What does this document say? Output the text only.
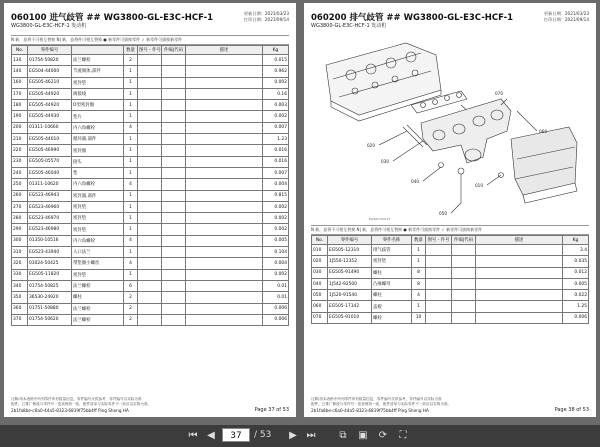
060100 进气歧管 ## WG3800-GL-E3C-HCF-1
WG3800-GL-E3C-HCF-1 发动机
更新日期：2021/03/23
打印日期：2021/09/14
N 新，意将不可相互替换 N| 新，意将件可相互替换 ● 新零件可拔换零件 ✓ 新零件可拔换新零件
No.	零件编号		数量	图号 - 件号	件编|代码	描述	Kg
130	01754-50820	法兰螺栓	2				0.015
140	EG504-44000	节流阀体,部件	1				0.962
160	EG505-46210	密封垫	1				0.002
170	EG505-44920	阀接线	1				0.16
180	EG505-44920	O型密封圈	1				0.003
190	EG505-44930	垫片	1				0.002
200	01311-10660	内六角螺栓	4				0.007
210	EG505-44010	循环器,部件	1				1.23
220	EG505-46990	密封圈	1				0.016
230	EG505-05570	接头	1				0.016
240	EG505-46040	垫	1				0.007
250	01311-10620	内六角螺栓	4				0.004
260	EG523-46943	密封器,部件	1				0.815
270	EG523-46960	密封垫	1				0.002
280	EG523-46970	密封垫	1				0.002
290	EG523-46980	密封垫	1				0.002
300	01350-10516	内六角螺栓	4				0.005
310	EG523-43940	入口法兰	1				0.104
320	03024-50425	带垫圈小螺丝	4				0.004
330	EG505-11820	密封垫	1				0.002
340	01754-50825	法兰螺栓	6				0.01
350	36530-24920	螺柱	2				0.01
360	01751-50880	法兰螺栓	2				0.006
370	01754-50620	法兰螺栓	2				0.006
注释/用本表格中所列零件所有数量信息，零件编号仅供参考，零件编号以实际为准
配件。已推广修改与零件号一览表保持一致，配件清单与实际零件不一致应以实物为准。
2b1fa8be-c6a0-44a5-8323-6819f75bb4ff Ping Sheng HA	Page 37 of 53
060200 排气歧管 ## WG3800-GL-E3C-HCF-1
WG3800-GL-E3C-HCF-1 发动机
更新日期：2021/03/23
打印日期：2021/09/14
070
020
030
040
060
050
010
EG505-000-11
N 新，意将不可相互替换 N| 新，意将件可相互替换 ● 新零件可拔换零件 ✓ 新零件可拔换新零件
No.	零件编号	零件名称	数量	图号 - 件号	件编|代码	描述	Kg
010	EG505-12310	排气歧管	1				3.4
020	1J550-12352	密封垫	1				0.035
030	EG505-91490	螺柱	8				0.012
040	1J542-92500	凸缘螺母	8				0.005
050	1J520-91540	螺柱	4				0.022
060	EG505-17342	盖板	1				1.25
070	EG505-91010	螺栓	10				0.006
注释/用本表格中所列零件所有数量信息，零件编号仅供参考，零件编号以实际为准
配件。已推广修改与零件号一览表保持一致，配件清单与实际零件不一致应以实物为准。
2b1fa8be-c6a0-44a5-8323-6819f75bb4ff Ping Sheng HA	Page 38 of 53
⏮ ◀	37	/ 53	▶ ⏭	⧉	▣ ⟳	⛶
